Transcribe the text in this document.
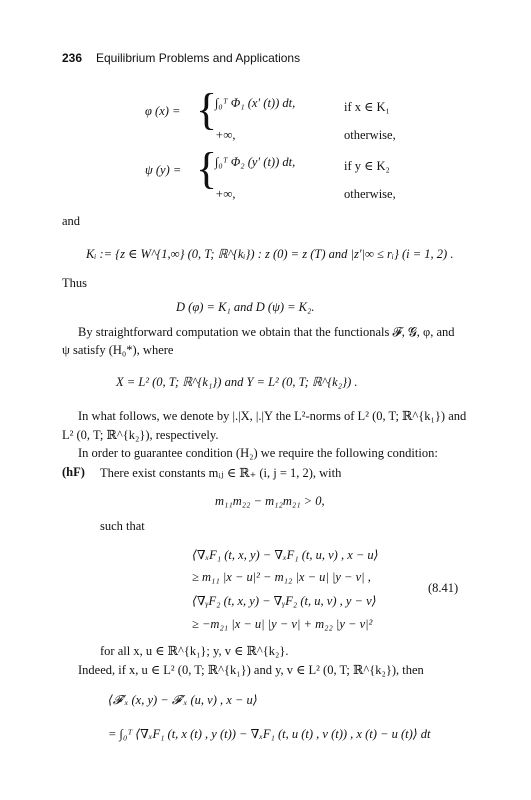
236 Equilibrium Problems and Applications
φ (x) = {
∫₀ᵀ Φ₁ (x′ (t)) dt,	if x ∈ K₁
+∞,	otherwise,
ψ (y) = {
∫₀ᵀ Φ₂ (y′ (t)) dt,	if y ∈ K₂
+∞,	otherwise,
and
Kᵢ := {z ∈ W^{1,∞} (0, T; ℝ^{kᵢ}) : z (0) = z (T) and |z′|∞ ≤ rᵢ} (i = 1, 2) .
Thus
D (φ) = K₁ and D (ψ) = K₂.
By straightforward computation we obtain that the functionals 𝓕, 𝓖, φ, and
ψ satisfy (H₀*), where
X = L² (0, T; ℝ^{k₁}) and Y = L² (0, T; ℝ^{k₂}) .
In what follows, we denote by |.|X, |.|Y the L²-norms of L² (0, T; ℝ^{k₁}) and
L² (0, T; ℝ^{k₂}), respectively.
In order to guarantee condition (H₂) we require the following condition:
(hF) There exist constants mᵢⱼ ∈ ℝ₊ (i, j = 1, 2), with
m₁₁m₂₂ − m₁₂m₂₁ > 0,
such that
⟨∇ₓF₁ (t, x, y) − ∇ₓF₁ (t, u, v) , x − u⟩
≥ m₁₁ |x − u|² − m₁₂ |x − u| |y − v| ,
⟨∇ᵧF₂ (t, x, y) − ∇ᵧF₂ (t, u, v) , y − v⟩
≥ −m₂₁ |x − u| |y − v| + m₂₂ |y − v|²
(8.41)
for all x, u ∈ ℝ^{k₁}; y, v ∈ ℝ^{k₂}.
Indeed, if x, u ∈ L² (0, T; ℝ^{k₁}) and y, v ∈ L² (0, T; ℝ^{k₂}), then
⟨𝓕′ₓ (x, y) − 𝓕′ₓ (u, v) , x − u⟩
= ∫₀ᵀ ⟨∇ₓF₁ (t, x (t) , y (t)) − ∇ₓF₁ (t, u (t) , v (t)) , x (t) − u (t)⟩ dt
